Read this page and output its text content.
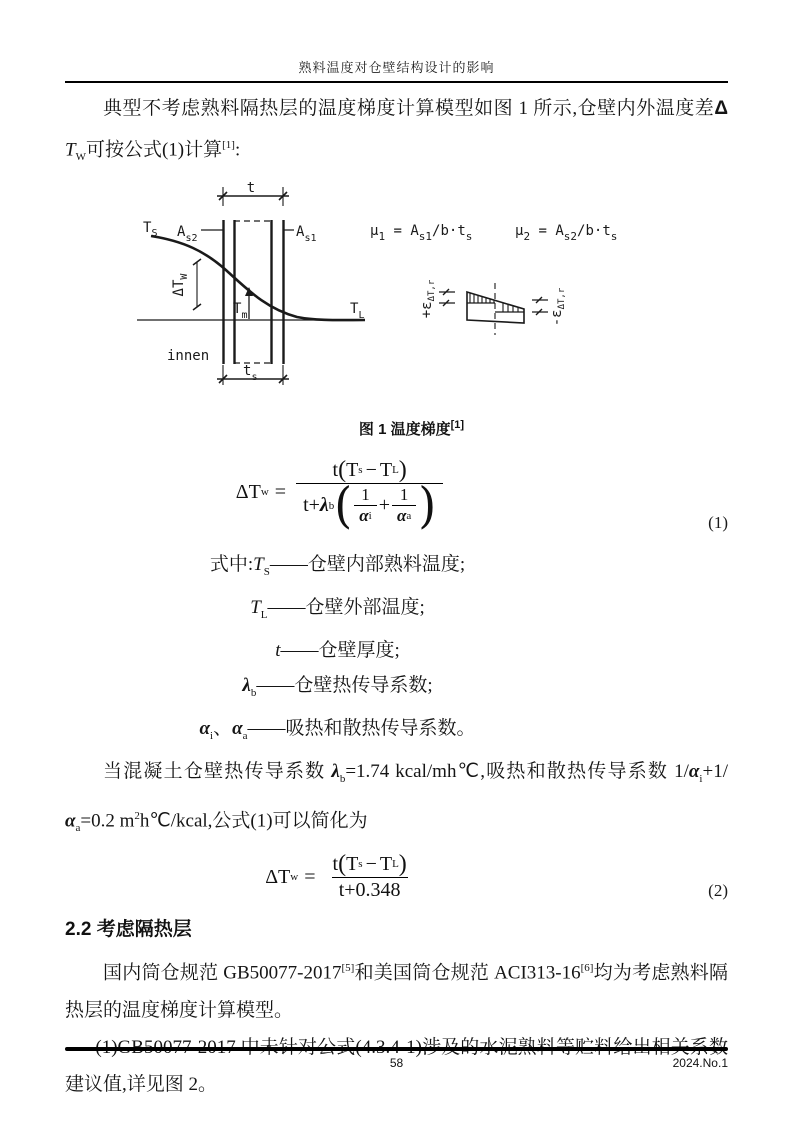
熟料温度对仓壁结构设计的影响

典型不考虑熟料隔热层的温度梯度计算模型如图 1 所示,仓壁内外温度差Δ $T_W$可按公式(1)计算[1]:

t
$T_S$ $A_{s2}$	$A_{s1}$
$\Delta T_W$
$T_m$	$T_L$
innen
$t_s$
$\mu_1 = A_{s1}/b\cdot t_s$	$\mu_2 = A_{s2}/b\cdot t_s$
$+\varepsilon_{\Delta T,r}$
$-\varepsilon_{\Delta T,r}$
图 1 温度梯度[1]
ΔT w =
t ( T s − T L )
t+ λ b ( $\frac{1}{\text{α i}} + \frac{1}{\text{α a}}$ )	(1)
式中$:T_S——$仓壁内部熟料温度;
$T_L——$仓壁外部温度;
t——仓壁厚度;
$\lambda_b——$仓壁热传导系数;
$\alpha_i$、$\alpha_a——$吸热和散热传导系数。

当混凝土仓壁热传导系数 $\lambda_b=1.74$ kcal/mh℃,吸热和散热传导系数 $1/\alpha_i+1/\alpha_a=0.2$ $m^2h℃$/kcal,公式(1)可以简化为

ΔT $w = \frac{\text{t ( T s − T L )}}{t+0.348}$	(2)
2.2 考虑隔热层

国内筒仓规范 GB50077-2017[5]和美国筒仓规范 ACI313-16[6]均为考虑熟料隔热层的温度梯度计算模型。

(1)GB50077-2017 中未针对公式(4.3.4-1)涉及的水泥熟料等贮料给出相关系数建议值,详见图 2。

58	2024.No.1
